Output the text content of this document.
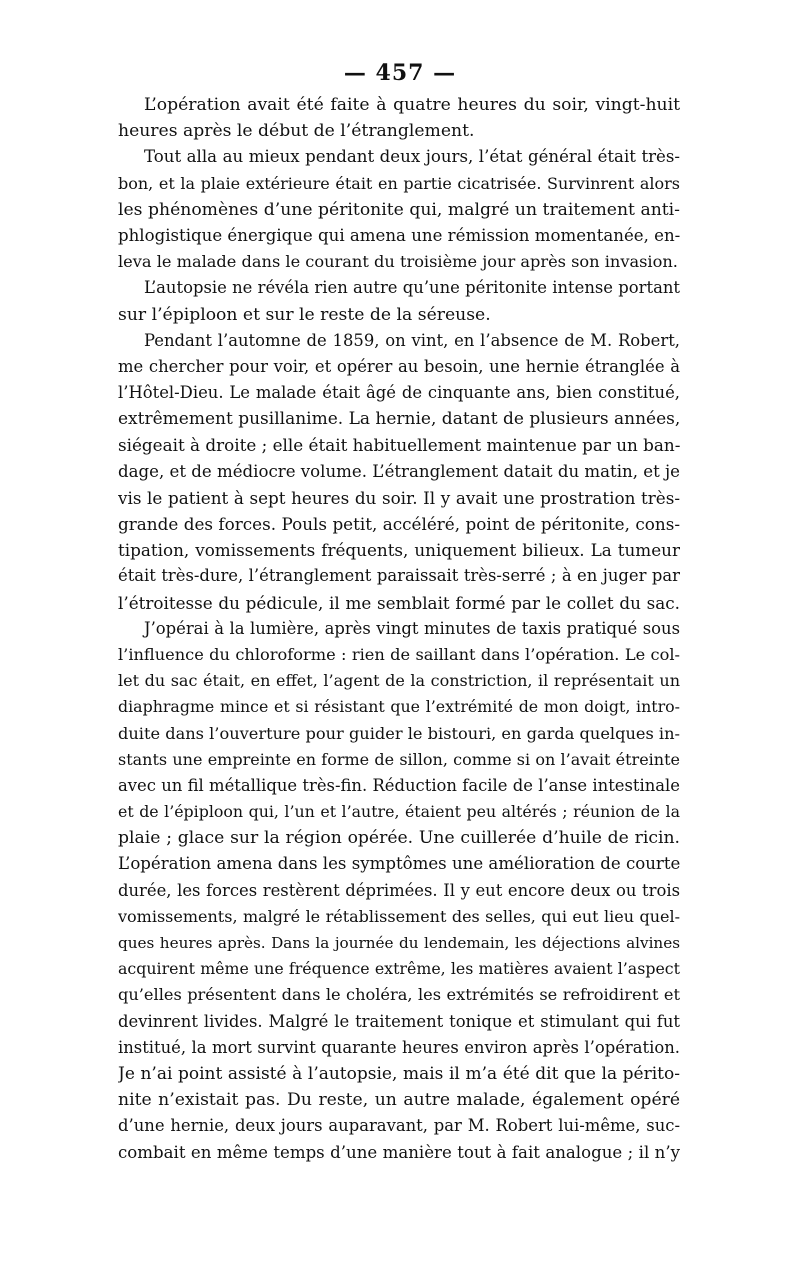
— 457 —
L’opération avait été faite à quatre heures du soir, vingt-huit
heures après le début de l’étranglement.
Tout alla au mieux pendant deux jours, l’état général était très-
bon, et la plaie extérieure était en partie cicatrisée. Survinrent alors
les phénomènes d’une péritonite qui, malgré un traitement anti-
phlogistique énergique qui amena une rémission momentanée, en-
leva le malade dans le courant du troisième jour après son invasion.
L’autopsie ne révéla rien autre qu’une péritonite intense portant
sur l’épiploon et sur le reste de la séreuse.
Pendant l’automne de 1859, on vint, en l’absence de M. Robert,
me chercher pour voir, et opérer au besoin, une hernie étranglée à
l’Hôtel-Dieu. Le malade était âgé de cinquante ans, bien constitué,
extrêmement pusillanime. La hernie, datant de plusieurs années,
siégeait à droite ; elle était habituellement maintenue par un ban-
dage, et de médiocre volume. L’étranglement datait du matin, et je
vis le patient à sept heures du soir. Il y avait une prostration très-
grande des forces. Pouls petit, accéléré, point de péritonite, cons-
tipation, vomissements fréquents, uniquement bilieux. La tumeur
était très-dure, l’étranglement paraissait très-serré ; à en juger par
l’étroitesse du pédicule, il me semblait formé par le collet du sac.
J’opérai à la lumière, après vingt minutes de taxis pratiqué sous
l’influence du chloroforme : rien de saillant dans l’opération. Le col-
let du sac était, en effet, l’agent de la constriction, il représentait un
diaphragme mince et si résistant que l’extrémité de mon doigt, intro-
duite dans l’ouverture pour guider le bistouri, en garda quelques in-
stants une empreinte en forme de sillon, comme si on l’avait étreinte
avec un fil métallique très-fin. Réduction facile de l’anse intestinale
et de l’épiploon qui, l’un et l’autre, étaient peu altérés ; réunion de la
plaie ; glace sur la région opérée. Une cuillerée d’huile de ricin.
L’opération amena dans les symptômes une amélioration de courte
durée, les forces restèrent déprimées. Il y eut encore deux ou trois
vomissements, malgré le rétablissement des selles, qui eut lieu quel-
ques heures après. Dans la journée du lendemain, les déjections alvines
acquirent même une fréquence extrême, les matières avaient l’aspect
qu’elles présentent dans le choléra, les extrémités se refroidirent et
devinrent livides. Malgré le traitement tonique et stimulant qui fut
institué, la mort survint quarante heures environ après l’opération.
Je n’ai point assisté à l’autopsie, mais il m’a été dit que la périto-
nite n’existait pas. Du reste, un autre malade, également opéré
d’une hernie, deux jours auparavant, par M. Robert lui-même, suc-
combait en même temps d’une manière tout à fait analogue ; il n’y
